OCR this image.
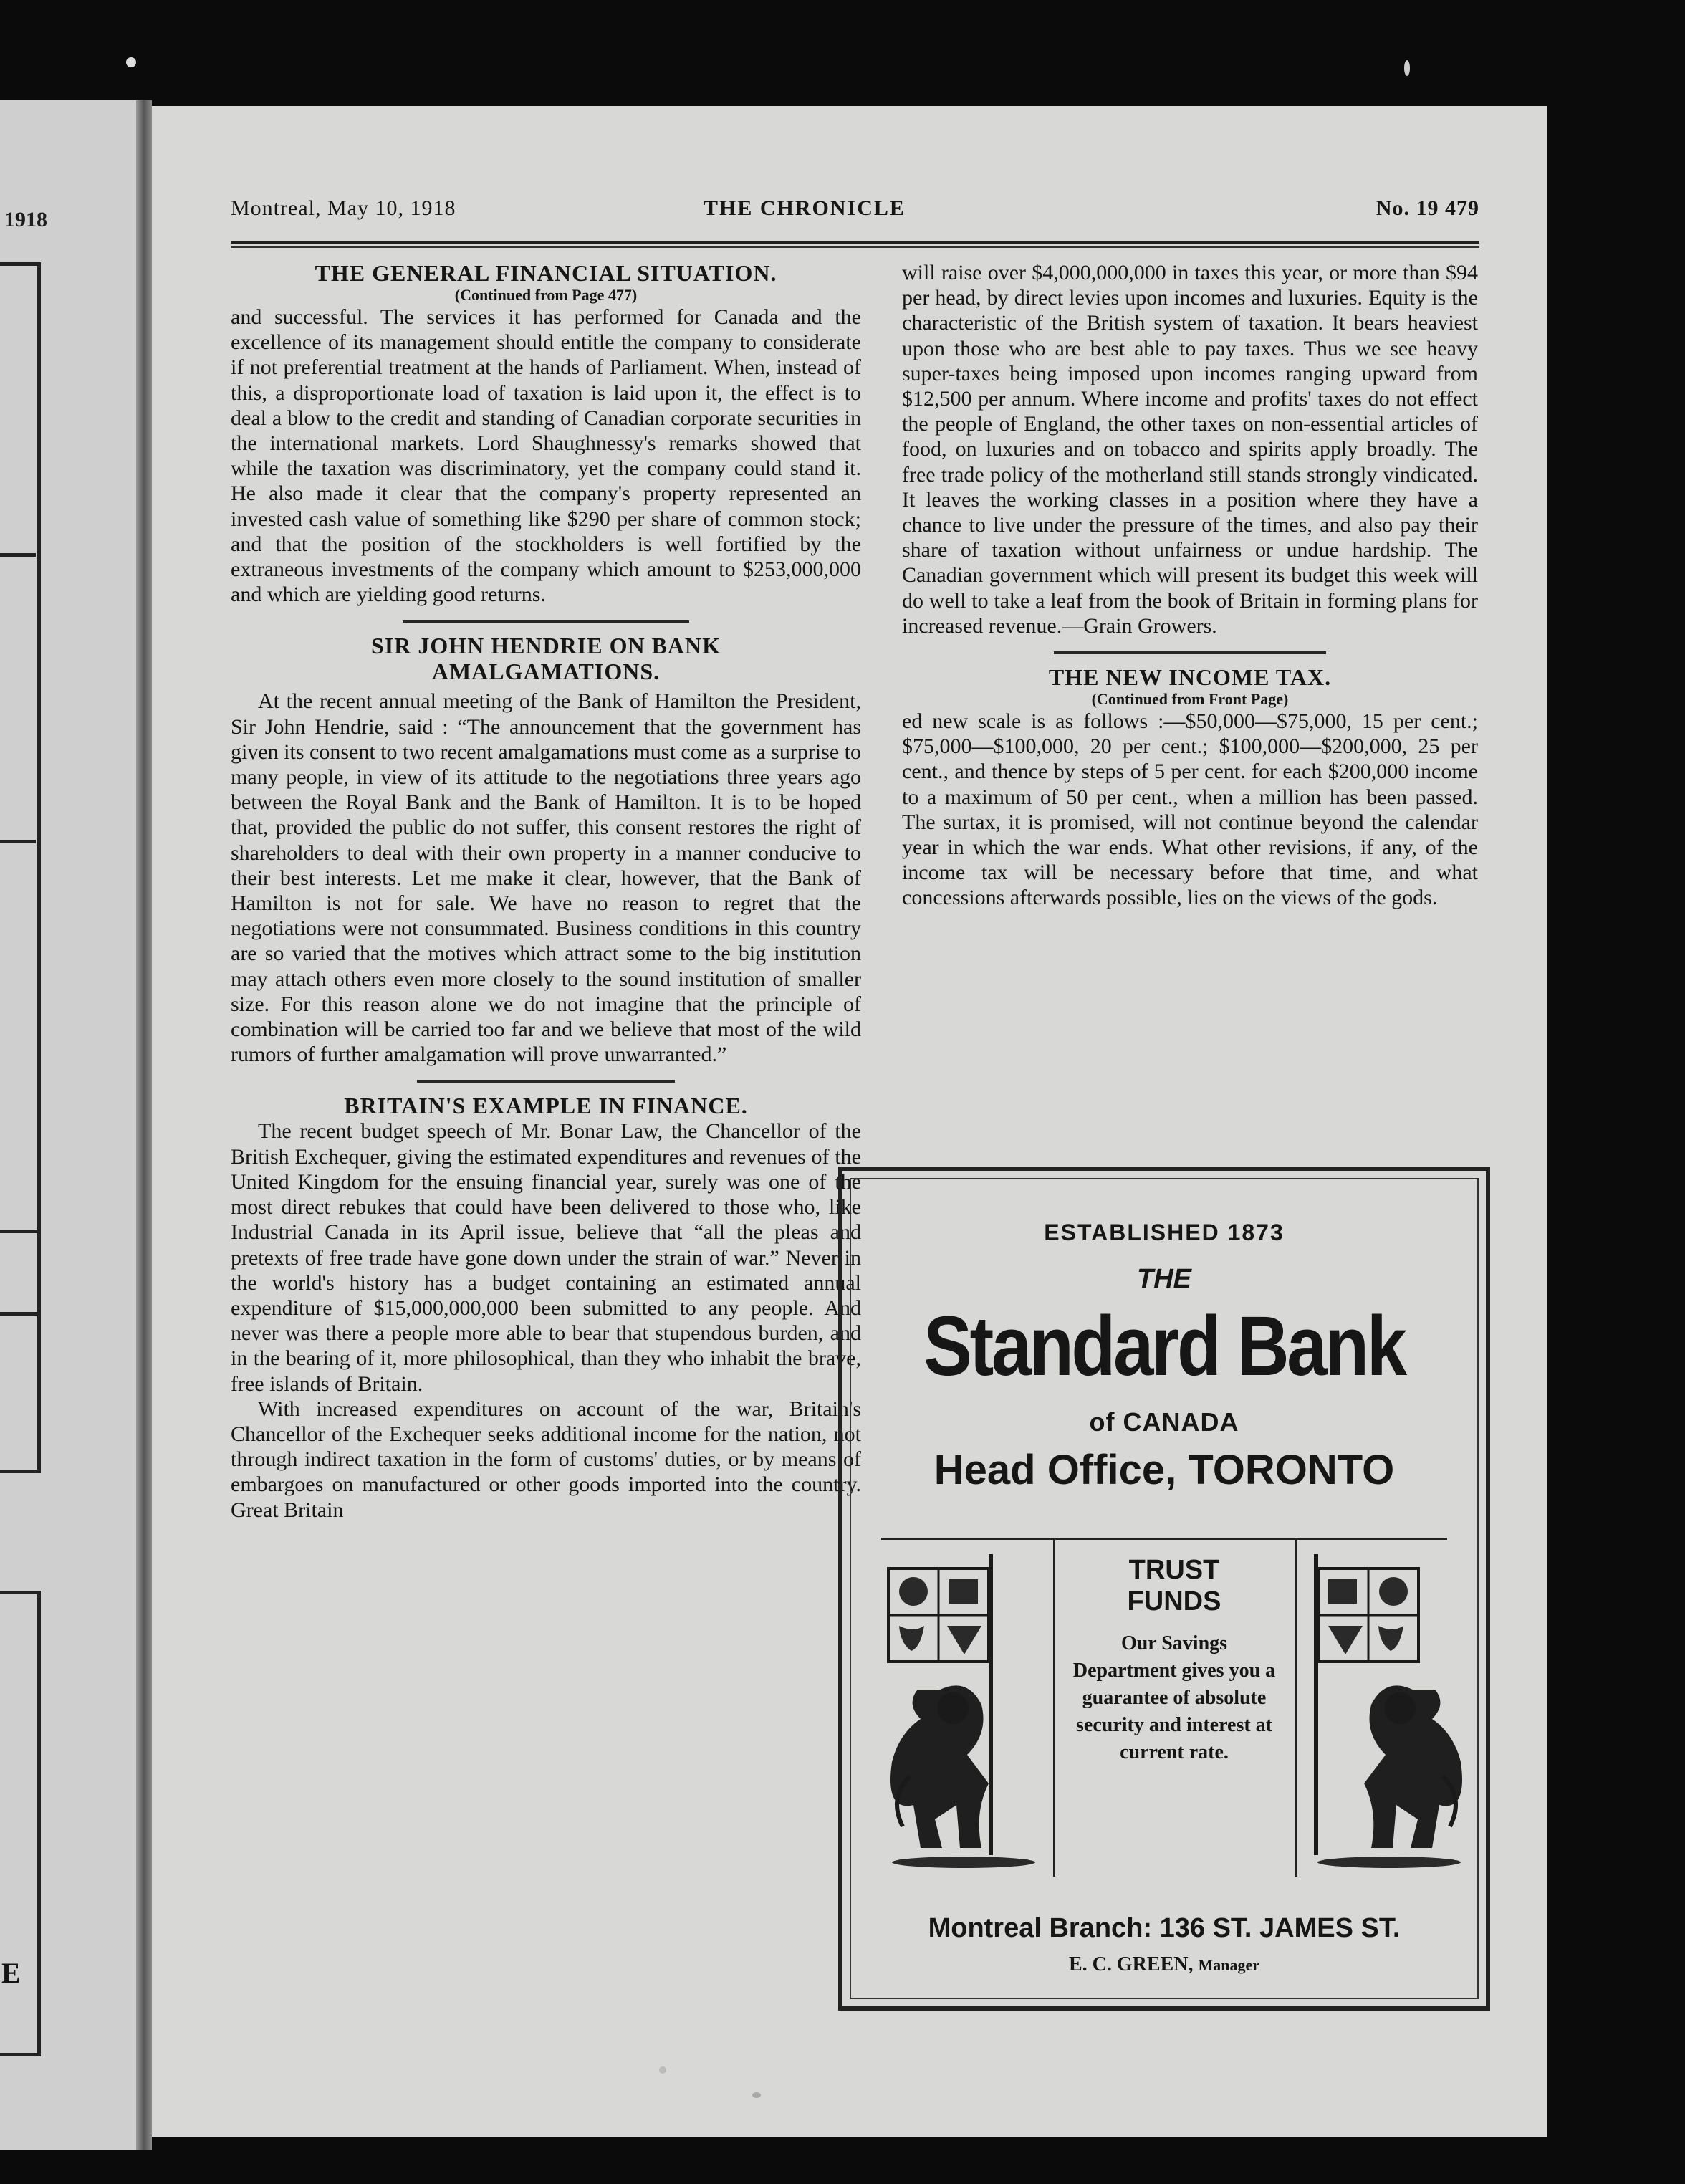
1918
E
Montreal, May 10, 1918	THE CHRONICLE	No. 19 479
THE GENERAL FINANCIAL SITUATION.
(Continued from Page 477)

and successful. The services it has performed for Canada and the excellence of its management should entitle the company to considerate if not preferential treatment at the hands of Parliament. When, instead of this, a disproportionate load of taxation is laid upon it, the effect is to deal a blow to the credit and standing of Canadian corporate securities in the international markets. Lord Shaughnessy's remarks showed that while the taxation was discriminatory, yet the company could stand it. He also made it clear that the company's property represented an invested cash value of something like $290 per share of common stock; and that the position of the stockholders is well fortified by the extraneous investments of the company which amount to $253,000,000 and which are yielding good returns.

SIR JOHN HENDRIE ON BANK AMALGAMATIONS.

At the recent annual meeting of the Bank of Hamilton the President, Sir John Hendrie, said : “The announcement that the government has given its consent to two recent amalgamations must come as a surprise to many people, in view of its attitude to the negotiations three years ago between the Royal Bank and the Bank of Hamilton. It is to be hoped that, provided the public do not suffer, this consent restores the right of shareholders to deal with their own property in a manner conducive to their best interests. Let me make it clear, however, that the Bank of Hamilton is not for sale. We have no reason to regret that the negotiations were not consummated. Business conditions in this country are so varied that the motives which attract some to the big institution may attach others even more closely to the sound institution of smaller size. For this reason alone we do not imagine that the principle of combination will be carried too far and we believe that most of the wild rumors of further amalgamation will prove unwarranted.”

BRITAIN'S EXAMPLE IN FINANCE.

The recent budget speech of Mr. Bonar Law, the Chancellor of the British Exchequer, giving the estimated expenditures and revenues of the United Kingdom for the ensuing financial year, surely was one of the most direct rebukes that could have been delivered to those who, like Industrial Canada in its April issue, believe that “all the pleas and pretexts of free trade have gone down under the strain of war.” Never in the world's history has a budget containing an estimated annual expenditure of $15,000,000,000 been submitted to any people. And never was there a people more able to bear that stupendous burden, and in the bearing of it, more philosophical, than they who inhabit the brave, free islands of Britain.

With increased expenditures on account of the war, Britain's Chancellor of the Exchequer seeks additional income for the nation, not through indirect taxation in the form of customs' duties, or by means of embargoes on manufactured or other goods imported into the country. Great Britain

will raise over $4,000,000,000 in taxes this year, or more than $94 per head, by direct levies upon incomes and luxuries. Equity is the characteristic of the British system of taxation. It bears heaviest upon those who are best able to pay taxes. Thus we see heavy super-taxes being imposed upon incomes ranging upward from $12,500 per annum. Where income and profits' taxes do not effect the people of England, the other taxes on non-essential articles of food, on luxuries and on tobacco and spirits apply broadly. The free trade policy of the motherland still stands strongly vindicated. It leaves the working classes in a position where they have a chance to live under the pressure of the times, and also pay their share of taxation without unfairness or undue hardship. The Canadian government which will present its budget this week will do well to take a leaf from the book of Britain in forming plans for increased revenue.—Grain Growers.

THE NEW INCOME TAX.
(Continued from Front Page)

ed new scale is as follows :—$50,000—$75,000, 15 per cent.; $75,000—$100,000, 20 per cent.; $100,000—$200,000, 25 per cent., and thence by steps of 5 per cent. for each $200,000 income to a maximum of 50 per cent., when a million has been passed. The surtax, it is promised, will not continue beyond the calendar year in which the war ends. What other revisions, if any, of the income tax will be necessary before that time, and what concessions afterwards possible, lies on the views of the gods.

ESTABLISHED 1873
THE
Standard Bank
of CANADA
Head Office, TORONTO
TRUST
FUNDS
Our Savings Department gives you a guarantee of absolute security and interest at current rate.
Montreal Branch: 136 ST. JAMES ST.
E. C. GREEN, Manager
